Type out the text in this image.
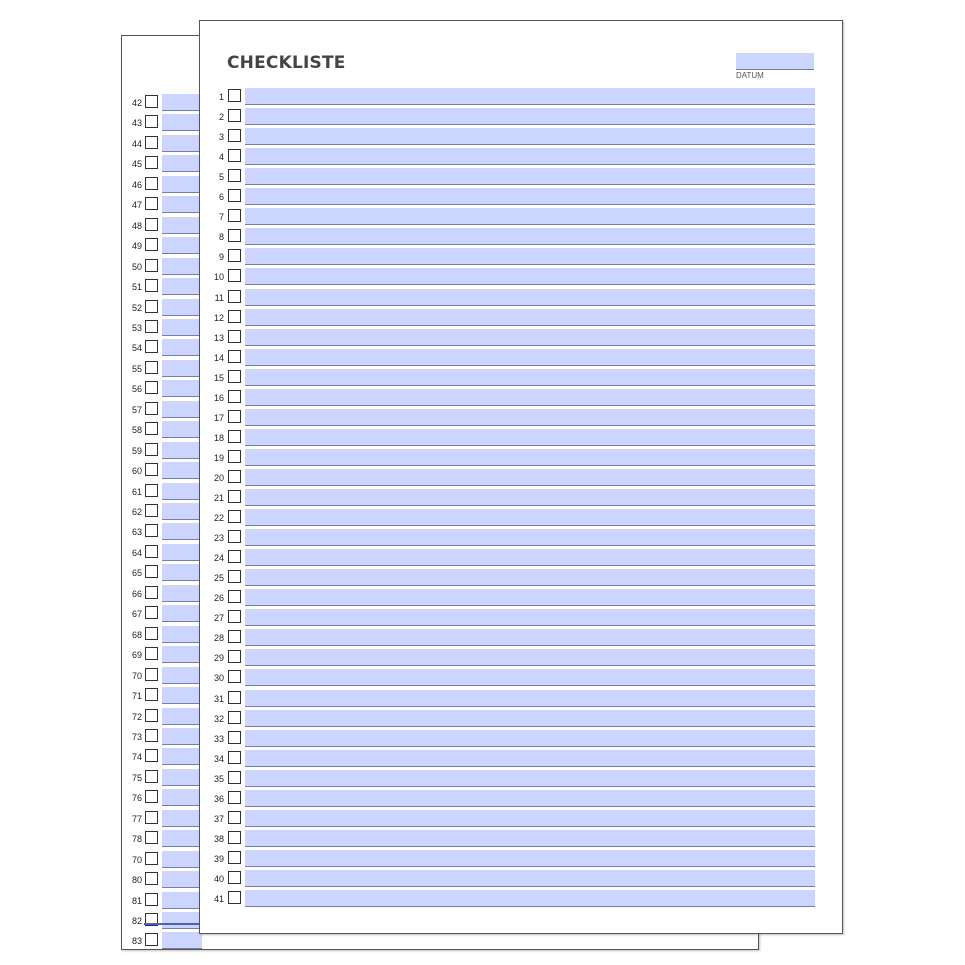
42
43
44
45
46
47
48
49
50
51
52
53
54
55
56
57
58
59
60
61
62
63
64
65
66
67
68
69
70
71
72
73
74
75
76
77
78
70
80
81
82
83
CHECKLISTE
DATUM
1
2
3
4
5
6
7
8
9
10
11
12
13
14
15
16
17
18
19
20
21
22
23
24
25
26
27
28
29
30
31
32
33
34
35
36
37
38
39
40
41
